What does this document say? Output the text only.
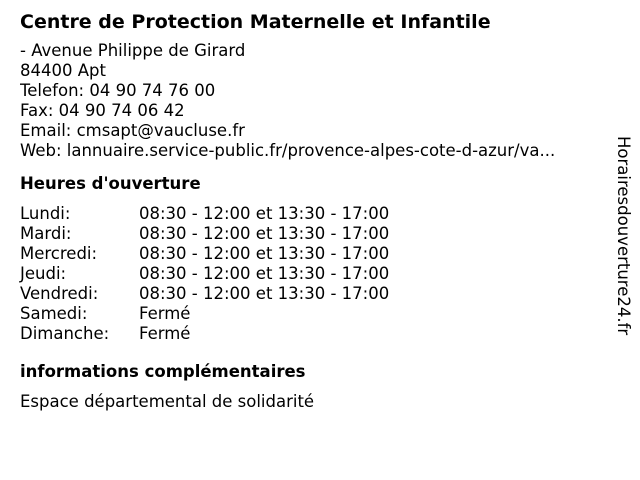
Centre de Protection Maternelle et Infantile
- Avenue Philippe de Girard
84400 Apt
Telefon: 04 90 74 76 00
Fax: 04 90 74 06 42
Email: cmsapt@vaucluse.fr
Web: lannuaire.service-public.fr/provence-alpes-cote-d-azur/va...
Heures d'ouverture
Lundi:	08:30 - 12:00 et 13:30 - 17:00
Mardi:	08:30 - 12:00 et 13:30 - 17:00
Mercredi:	08:30 - 12:00 et 13:30 - 17:00
Jeudi:	08:30 - 12:00 et 13:30 - 17:00
Vendredi:	08:30 - 12:00 et 13:30 - 17:00
Samedi:	Fermé
Dimanche:	Fermé
informations complémentaires
Espace départemental de solidarité
Horairesdouverture24.fr
